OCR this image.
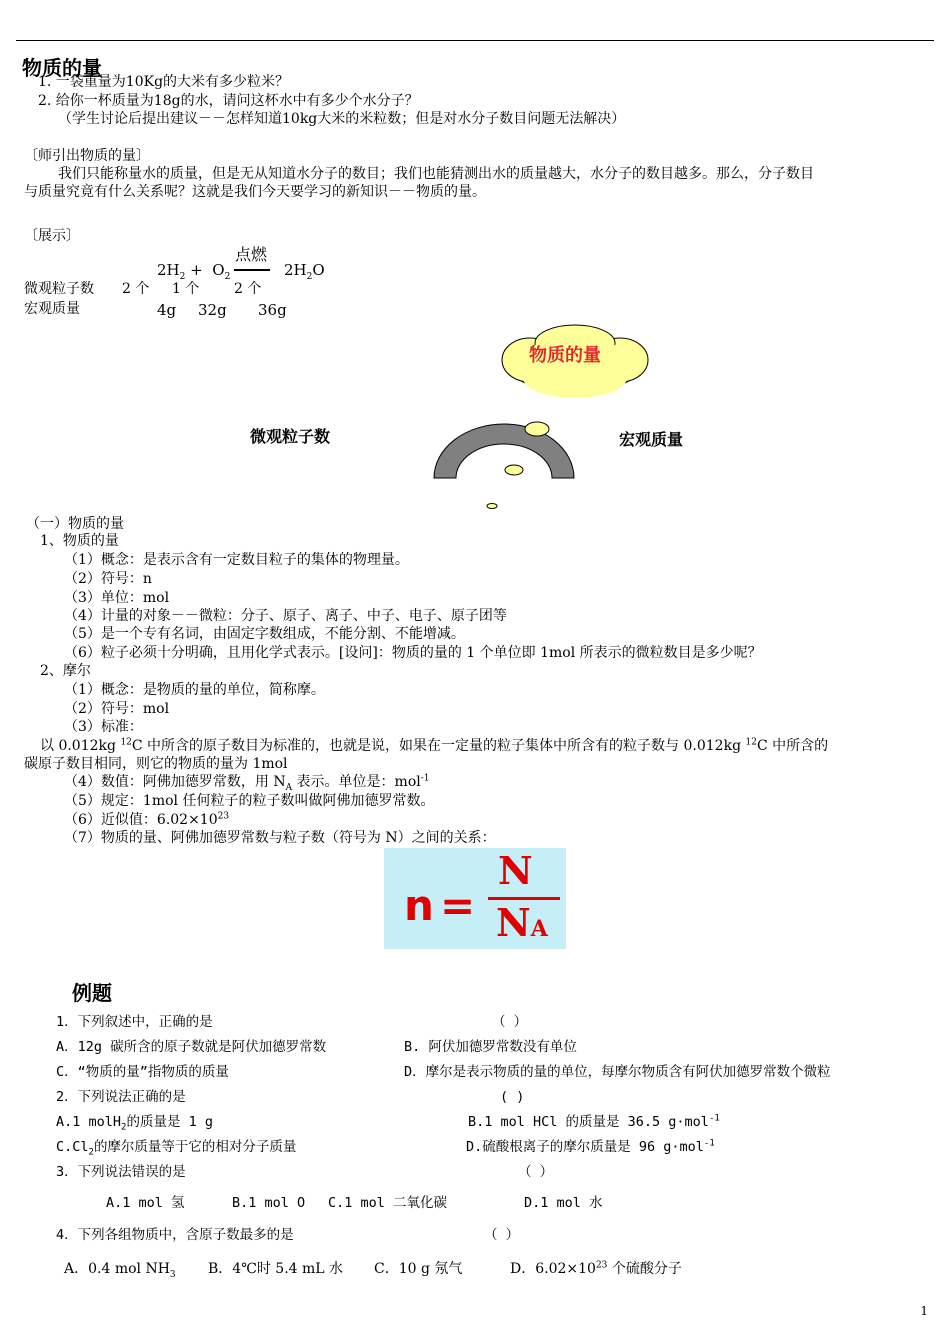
物质的量
1. 一袋重量为10Kg的大米有多少粒米？
2. 给你一杯质量为18g的水，请问这杯水中有多少个水分子？
（学生讨论后提出建议－－怎样知道10kg大米的米粒数；但是对水分子数目问题无法解决）
〔师引出物质的量〕
我们只能称量水的质量，但是无从知道水分子的数目；我们也能猜测出水的质量越大，水分子的数目越多。那么，分子数目
与质量究竟有什么关系呢？这就是我们今天要学习的新知识－－物质的量。
〔展示〕
点燃
$2H_2 + O_2$	$2H_2O$
微观粒子数 2 个 1 个 2 个
宏观质量	4g 32g 36g
物质的量
微观粒子数	宏观质量
（一）物质的量
1、物质的量
（1）概念：是表示含有一定数目粒子的集体的物理量。
（2）符号：n
（3）单位：mol
（4）计量的对象－－微粒：分子、原子、离子、中子、电子、原子团等
（5）是一个专有名词，由固定字数组成，不能分割、不能增减。
（6）粒子必须十分明确，且用化学式表示。[设问]：物质的量的 1 个单位即 1mol 所表示的微粒数目是多少呢？
2、摩尔
（1）概念：是物质的量的单位，简称摩。
（2）符号：mol
（3）标准：
以 0.012kg $^{12}$C 中所含的原子数目为标准的，也就是说，如果在一定量的粒子集体中所含有的粒子数与 0.012kg $^{12}$C 中所含的
碳原子数目相同，则它的物质的量为 1mol
（4）数值：阿佛加德罗常数，用 $N_A$ 表示。单位是：mol$^{-1}$
（5）规定：1mol 任何粒子的粒子数叫做阿佛加德罗常数。
（6）近似值：$6.02\times 10^{23}$
（7）物质的量、阿佛加德罗常数与粒子数（符号为 N）之间的关系：
n =
N
NA
例题
1．下列叙述中，正确的是	（ ）
A．12g 碳所含的原子数就是阿伏加德罗常数	B. 阿伏加德罗常数没有单位
C．“物质的量”指物质的质量	D．摩尔是表示物质的量的单位，每摩尔物质含有阿伏加德罗常数个微粒
2．下列说法正确的是	( )
A.1 molH$_2$的质量是 1 g	B.1 mol HCl 的质量是 36.5 g·mol$^{-1}$
$C.Cl_2$的摩尔质量等于它的相对分子质量	D.硫酸根离子的摩尔质量是 96 g·mol$^{-1}$
3．下列说法错误的是	（ ）
A.1 mol 氢	B.1 mol O C.1 mol 二氧化碳	D.1 mol 水
4．下列各组物质中，含原子数最多的是	（ ）
A．0.4 mol $NH_3$ B．4℃时 5.4 mL 水 C．10 g 氖气	D．$6.02\times 10^{23}$ 个硫酸分子
1
